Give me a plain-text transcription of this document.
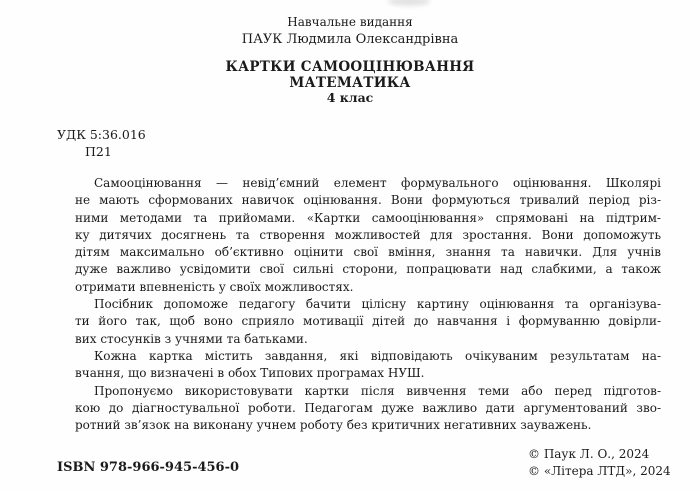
Навчальне видання
ПАУК Людмила Олександрівна
КАРТКИ САМООЦІНЮВАННЯ
МАТЕМАТИКА
4 клас
УДК 5:36.016
П21
Самооцінювання — невід’ємний елемент формувального оцінювання. Школярі
не мають сформованих навичок оцінювання. Вони формуються тривалий період різ-
ними методами та прийомами. «Картки самооцінювання» спрямовані на підтрим-
ку дитячих досягнень та створення можливостей для зростання. Вони допоможуть
дітям максимально об’єктивно оцінити свої вміння, знання та навички. Для учнів
дуже важливо усвідомити свої сильні сторони, попрацювати над слабкими, а також
отримати впевненість у своїх можливостях.
Посібник допоможе педагогу бачити цілісну картину оцінювання та організува-
ти його так, щоб воно сприяло мотивації дітей до навчання і формуванню довірли-
вих стосунків з учнями та батьками.
Кожна картка містить завдання, які відповідають очікуваним результатам на-
вчання, що визначені в обох Типових програмах НУШ.
Пропонуємо використовувати картки після вивчення теми або перед підготов-
кою до діагностувальної роботи. Педагогам дуже важливо дати аргументований зво-
ротний зв’язок на виконану учнем роботу без критичних негативних зауважень.
ISBN 978-966-945-456-0
© Паук Л. О., 2024
© «Літера ЛТД», 2024
